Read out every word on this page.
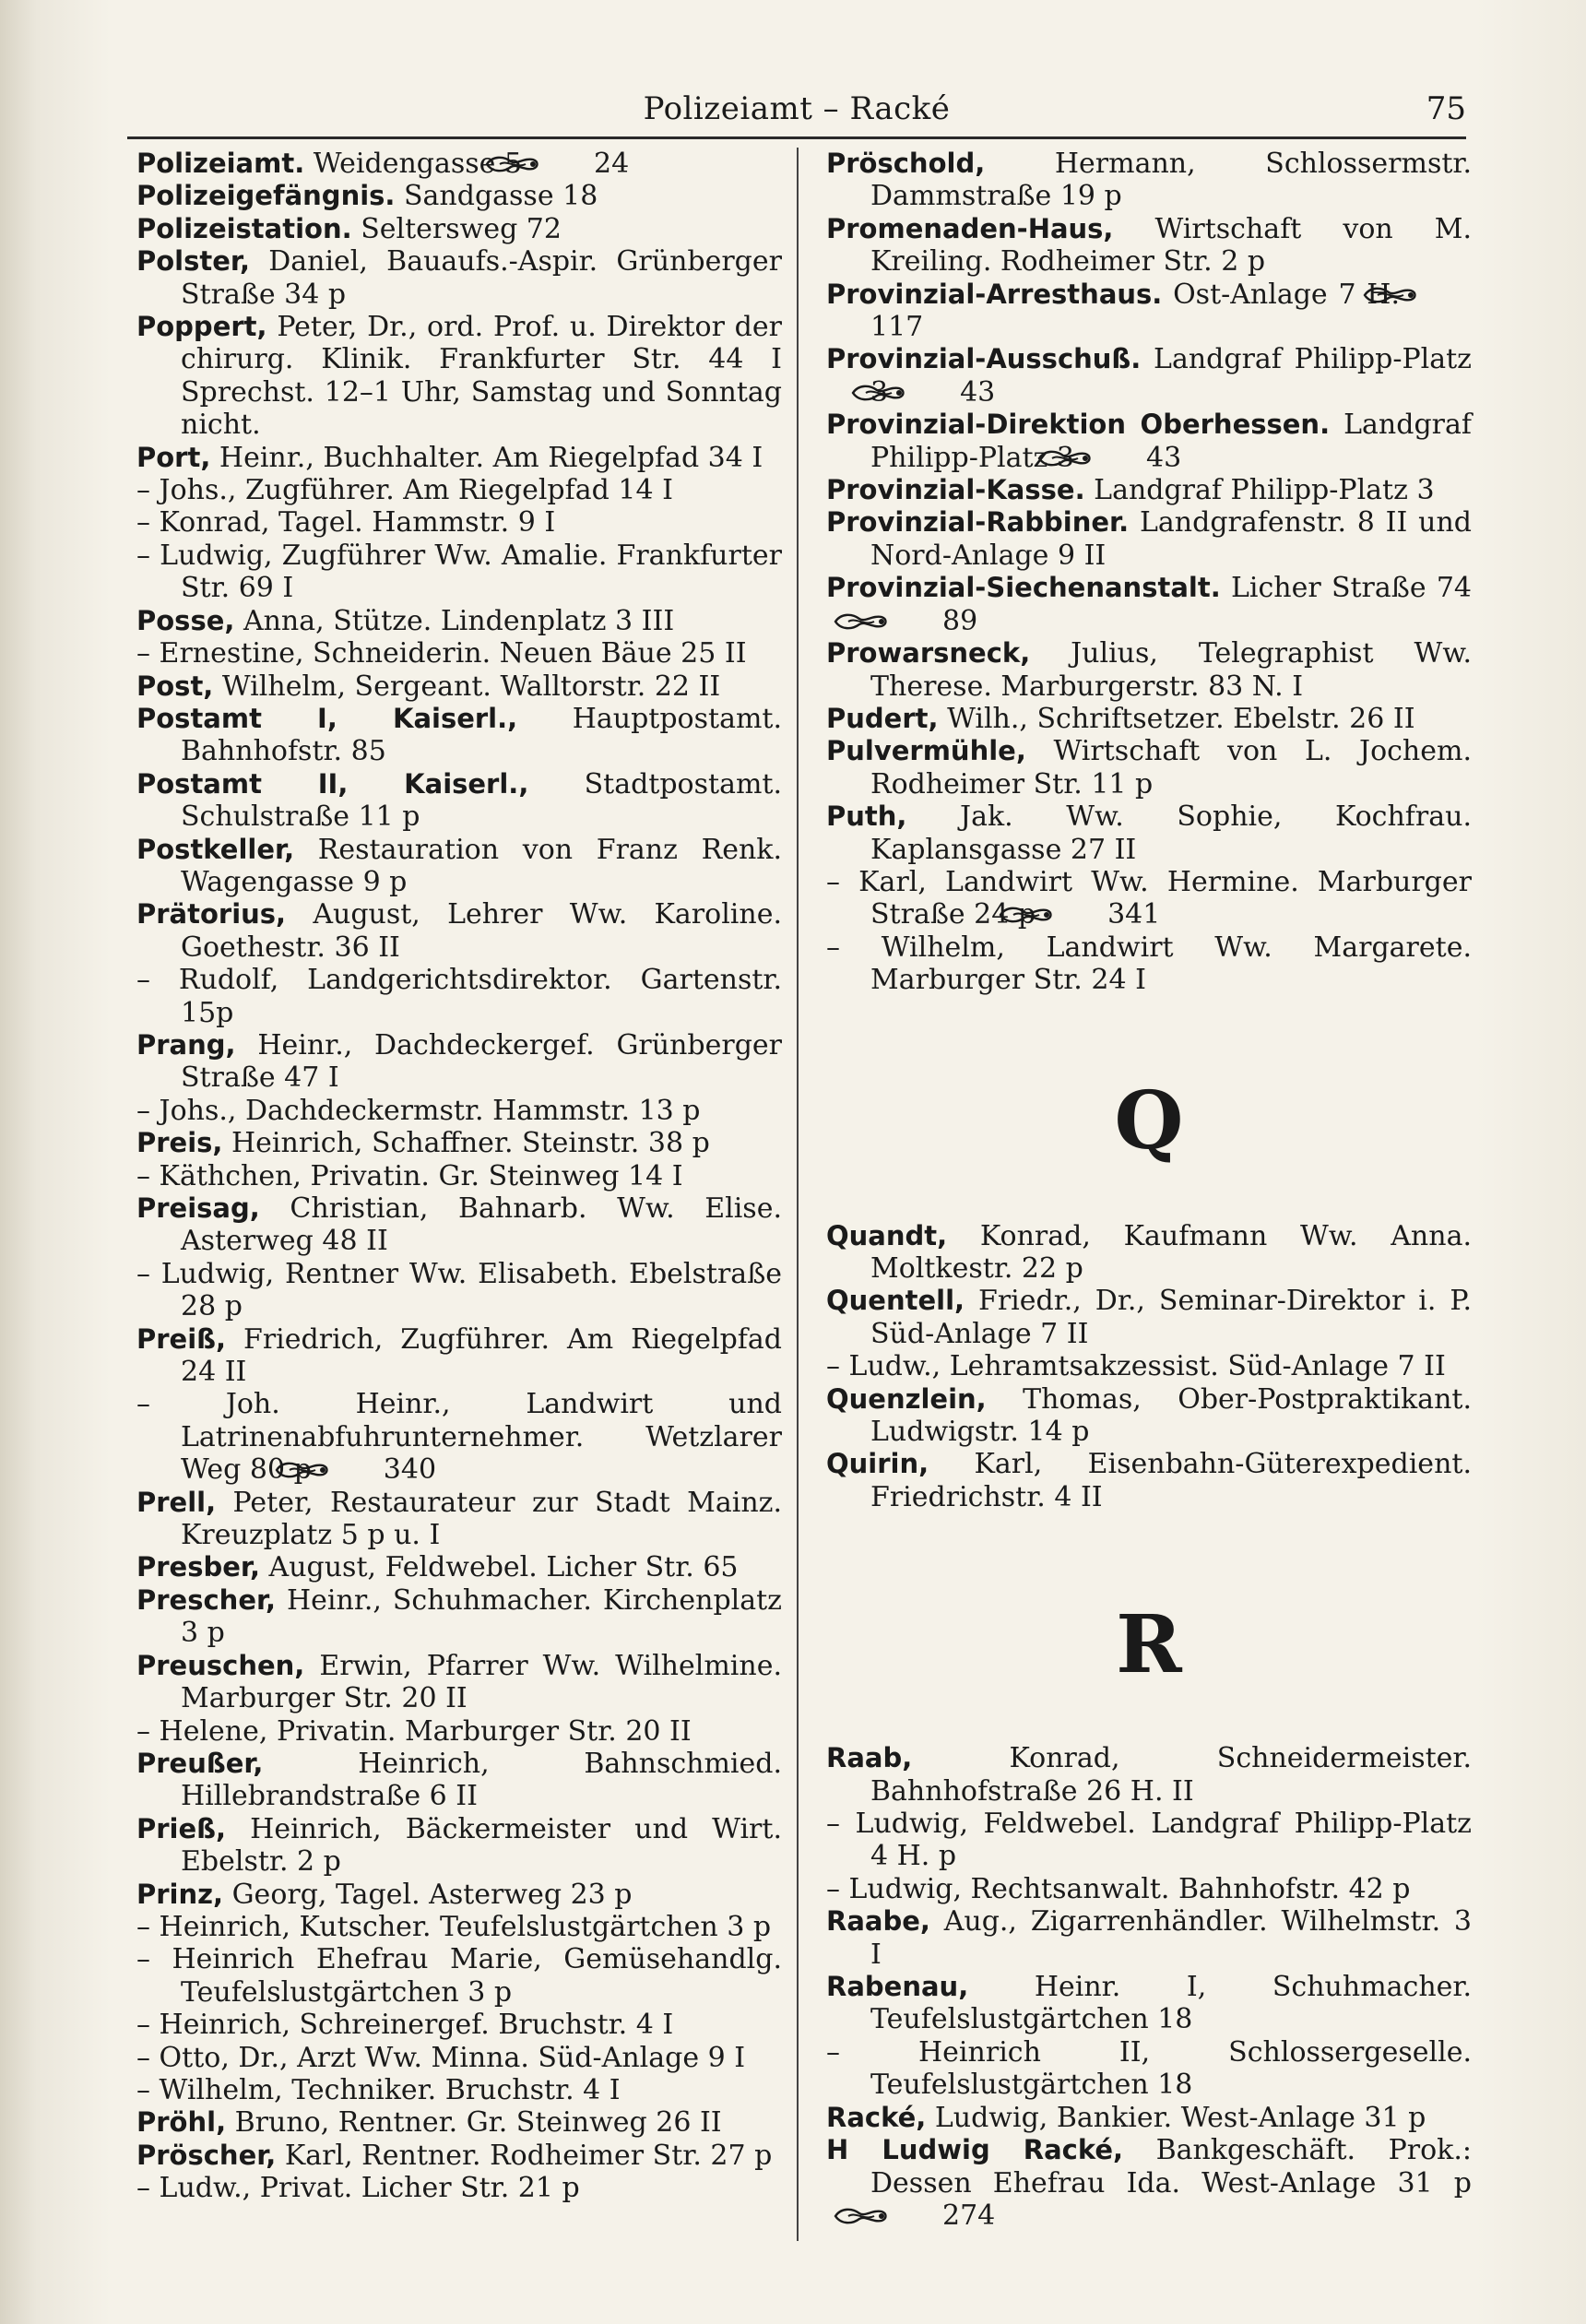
Polizeiamt – Racké	75

Polizeiamt. Weidengasse 5	24

Polizeigefängnis. Sandgasse 18

Polizeistation. Seltersweg 72

Polster, Daniel, Bauaufs.-Aspir. Grünberger Straße 34 p

Poppert, Peter, Dr., ord. Prof. u. Direktor der chirurg. Klinik. Frankfurter Str. 44 I Sprechst. 12–1 Uhr, Samstag und Sonntag nicht.

Port, Heinr., Buchhalter. Am Riegelpfad 34 I

– Johs., Zugführer. Am Riegelpfad 14 I

– Konrad, Tagel. Hammstr. 9 I

– Ludwig, Zugführer Ww. Amalie. Frankfurter Str. 69 I

Posse, Anna, Stütze. Lindenplatz 3 III

– Ernestine, Schneiderin. Neuen Bäue 25 II

Post, Wilhelm, Sergeant. Walltorstr. 22 II

Postamt I, Kaiserl., Hauptpostamt. Bahnhofstr. 85

Postamt II, Kaiserl., Stadtpostamt. Schulstraße 11 p

Postkeller, Restauration von Franz Renk. Wagengasse 9 p

Prätorius, August, Lehrer Ww. Karoline. Goethestr. 36 II

– Rudolf, Landgerichtsdirektor. Gartenstr. 15p

Prang, Heinr., Dachdeckergef. Grünberger Straße 47 I

– Johs., Dachdeckermstr. Hammstr. 13 p

Preis, Heinrich, Schaffner. Steinstr. 38 p

– Käthchen, Privatin. Gr. Steinweg 14 I

Preisag, Christian, Bahnarb. Ww. Elise. Asterweg 48 II

– Ludwig, Rentner Ww. Elisabeth. Ebelstraße 28 p

Preiß, Friedrich, Zugführer. Am Riegelpfad 24 II

–	Joh. Heinr., Landwirt und Latrinenabfuhrunternehmer. Wetzlarer Weg 80 p	340

Prell, Peter, Restaurateur zur Stadt Mainz. Kreuzplatz 5 p u. I

Presber, August, Feldwebel. Licher Str. 65

Prescher, Heinr., Schuhmacher. Kirchenplatz 3 p

Preuschen, Erwin, Pfarrer Ww. Wilhelmine. Marburger Str. 20 II

– Helene, Privatin. Marburger Str. 20 II

Preußer,	Heinrich, Bahnschmied. Hillebrandstraße 6 II

Prieß, Heinrich, Bäckermeister und Wirt. Ebelstr. 2 p

Prinz, Georg, Tagel. Asterweg 23 p

– Heinrich, Kutscher. Teufelslustgärtchen 3 p

– Heinrich Ehefrau Marie, Gemüsehandlg. Teufelslustgärtchen 3 p

– Heinrich, Schreinergef. Bruchstr. 4 I

– Otto, Dr., Arzt Ww. Minna. Süd-Anlage 9 I

– Wilhelm, Techniker. Bruchstr. 4 I

Pröhl, Bruno, Rentner. Gr. Steinweg 26 II

Pröscher, Karl, Rentner. Rodheimer Str. 27 p

– Ludw., Privat. Licher Str. 21 p

Pröschold,	Hermann, Schlossermstr. Dammstraße 19 p

Promenaden-Haus, Wirtschaft von M. Kreiling. Rodheimer Str. 2 p

Provinzial-Arresthaus. Ost-Anlage 7 H.117

Provinzial-Ausschuß. Landgraf Philipp-Platz 3	43

Provinzial-Direktion Oberhessen. Landgraf Philipp-Platz 3	43

Provinzial-Kasse. Landgraf Philipp-Platz 3

Provinzial-Rabbiner. Landgrafenstr. 8 II und Nord-Anlage 9 II

Provinzial-Siechenanstalt. Licher Straße 7489

Prowarsneck, Julius, Telegraphist Ww. Therese. Marburgerstr. 83 N. I

Pudert, Wilh., Schriftsetzer. Ebelstr. 26 II

Pulvermühle, Wirtschaft von L. Jochem. Rodheimer Str. 11 p

Puth, Jak. Ww. Sophie, Kochfrau. Kaplansgasse 27 II

– Karl, Landwirt Ww. Hermine. Marburger Straße 24 p	341

– Wilhelm, Landwirt Ww. Margarete. Marburger Str. 24 I

Q

Quandt, Konrad, Kaufmann Ww. Anna. Moltkestr. 22 p

Quentell, Friedr., Dr., Seminar-Direktor i. P. Süd-Anlage 7 II

– Ludw., Lehramtsakzessist. Süd-Anlage 7 II

Quenzlein, Thomas, Ober-Postpraktikant. Ludwigstr. 14 p

Quirin, Karl, Eisenbahn-Güterexpedient. Friedrichstr. 4 II

R

Raab,	Konrad, Schneidermeister. Bahnhofstraße 26 H. II

– Ludwig, Feldwebel. Landgraf Philipp-Platz 4 H. p

– Ludwig, Rechtsanwalt. Bahnhofstr. 42 p

Raabe, Aug., Zigarrenhändler. Wilhelmstr. 3 I

Rabenau, Heinr. I, Schuhmacher. Teufelslustgärtchen 18

–	Heinrich II, Schlossergeselle. Teufelslustgärtchen 18

Racké, Ludwig, Bankier. West-Anlage 31 p

H Ludwig Racké, Bankgeschäft. Prok.: Dessen Ehefrau Ida. West-Anlage 31 p274
